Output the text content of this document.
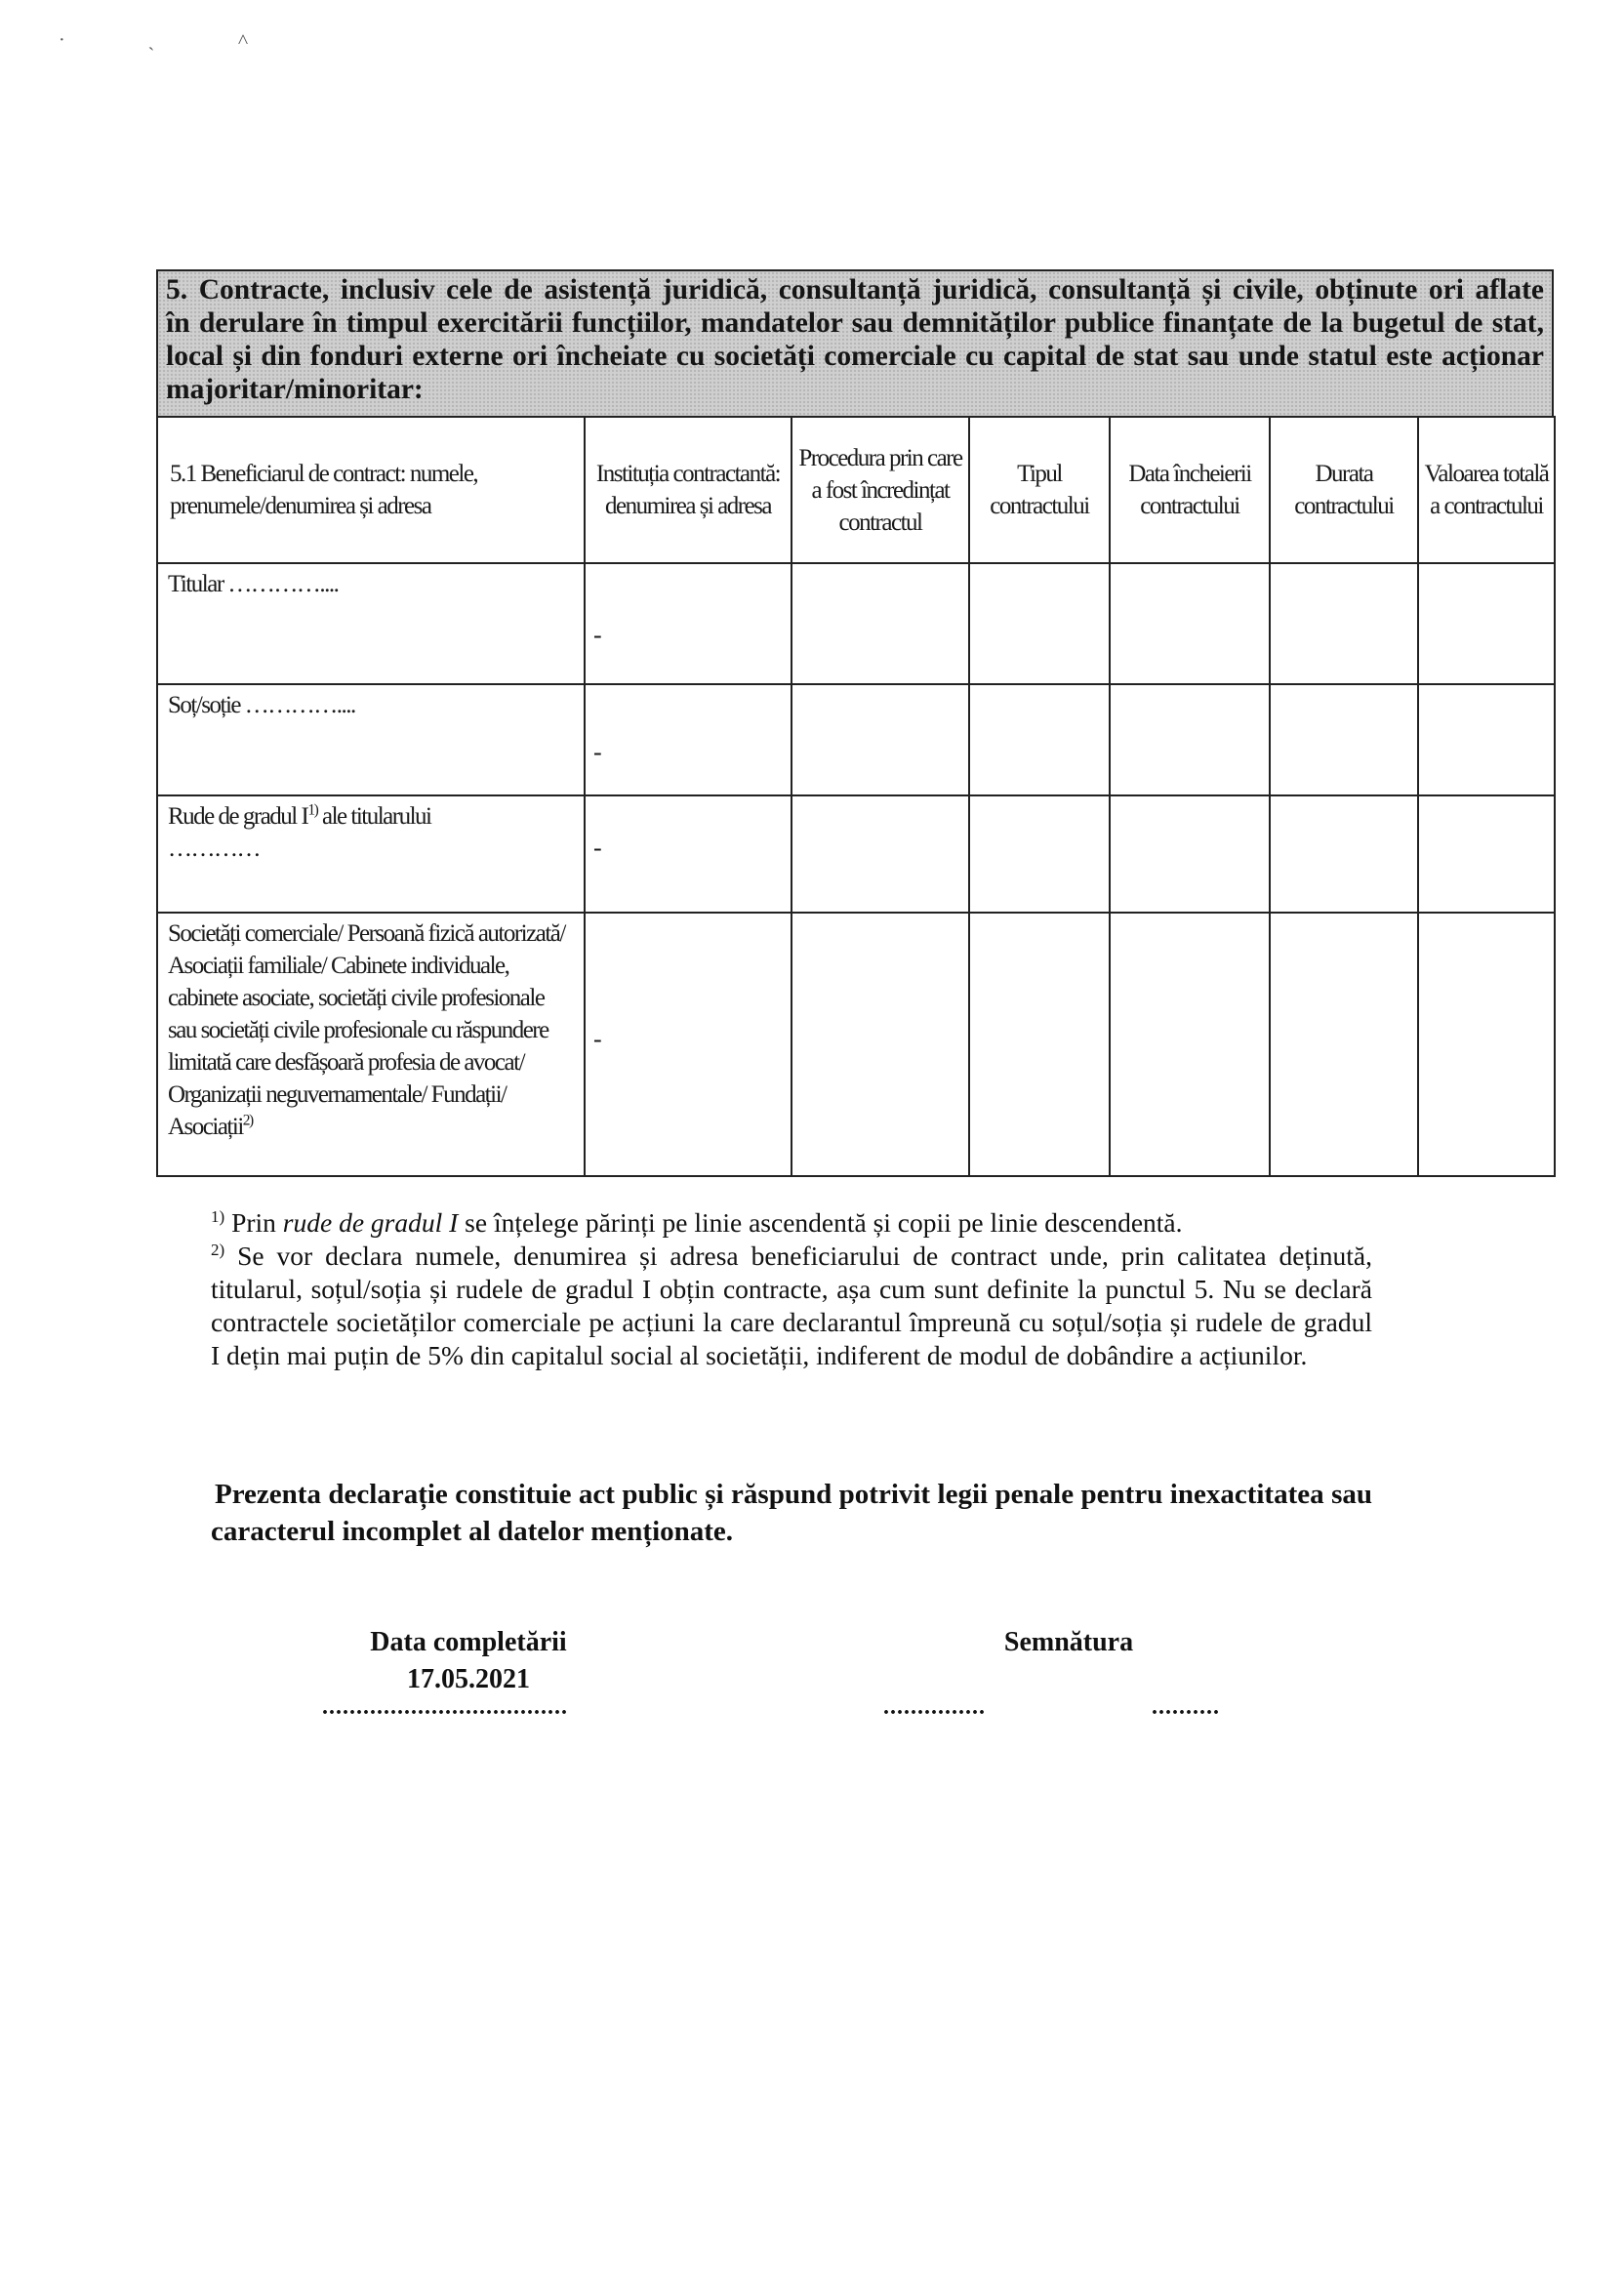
· ˎ ˄
5. Contracte, inclusiv cele de asistență juridică, consultanță juridică, consultanță și civile, obținute ori aflate
în derulare în timpul exercitării funcțiilor, mandatelor sau demnităților publice finanțate de la bugetul de stat,
local și din fonduri externe ori încheiate cu societăți comerciale cu capital de stat sau unde statul este acționar
majoritar/minoritar:
5.1 Beneficiarul de contract: numele, prenumele/denumirea și adresa	Instituția contractantă: denumirea și adresa	Procedura prin care a fost încredințat contractul	Tipul contractului	Data încheierii contractului	Durata contractului	Valoarea totală a contractului
Titular …………....	-					

Soț/soție …………....	-					

Rude de gradul $I^{1)}$ ale titularului
…………	-					

Societăți comerciale/ Persoană fizică autorizată/ Asociații familiale/ Cabinete individuale, cabinete asociate, societăți civile profesionale sau societăți civile profesionale cu răspundere limitată care desfășoară profesia de avocat/ Organizații neguvernamentale/ Fundații/ Asociații$^{2)}$	-					

$^{1)}$ Prin rude de gradul I se înțelege părinți pe linie ascendentă și copii pe linie descendentă.

$^{2)}$ Se vor declara numele, denumirea și adresa beneficiarului de contract unde, prin calitatea deținută, titularul, soțul/soția și rudele de gradul I obțin contracte, așa cum sunt definite la punctul 5. Nu se declară contractele societăților comerciale pe acțiuni la care declarantul împreună cu soțul/soția și rudele de gradul I dețin mai puțin de 5% din capitalul social al societății, indiferent de modul de dobândire a acțiunilor.

Prezenta declarație constituie act public și răspund potrivit legii penale pentru inexactitatea sau caracterul incomplet al datelor menționate.
Data completării
17.05.2021
Semnătura
....................................	...............	..........
